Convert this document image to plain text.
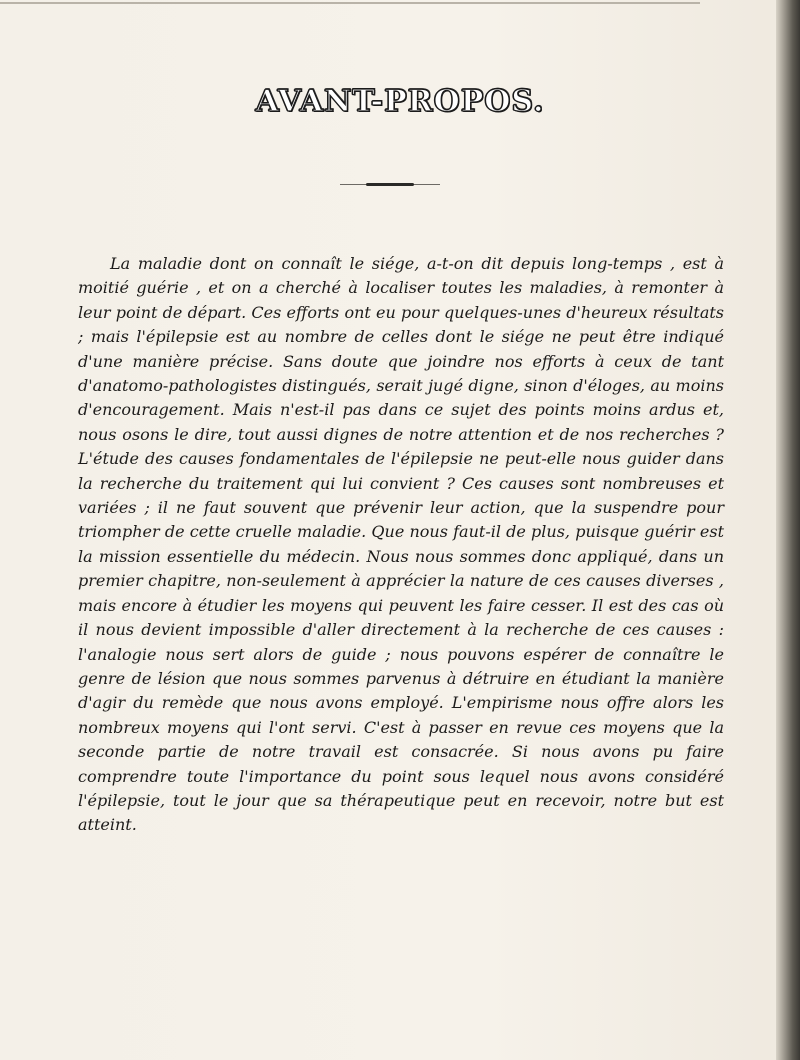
AVANT-PROPOS.

La maladie dont on connaît le siége, a-t-on dit depuis long-temps , est à moitié guérie , et on a cherché à localiser toutes les maladies, à remonter à leur point de départ. Ces efforts ont eu pour quelques-unes d'heureux résultats ; mais l'épilepsie est au nombre de celles dont le siége ne peut être indiqué d'une manière précise. Sans doute que joindre nos efforts à ceux de tant d'anatomo-pathologistes distingués, serait jugé digne, sinon d'éloges, au moins d'encouragement. Mais n'est-il pas dans ce sujet des points moins ardus et, nous osons le dire, tout aussi dignes de notre attention et de nos recherches ? L'étude des causes fondamentales de l'épilepsie ne peut-elle nous guider dans la recherche du traitement qui lui convient ? Ces causes sont nombreuses et variées ; il ne faut souvent que prévenir leur action, que la suspendre pour triompher de cette cruelle maladie. Que nous faut-il de plus, puisque guérir est la mission essentielle du médecin. Nous nous sommes donc appliqué, dans un premier chapitre, non-seulement à apprécier la nature de ces causes diverses , mais encore à étudier les moyens qui peuvent les faire cesser. Il est des cas où il nous devient impossible d'aller directement à la recherche de ces causes : l'analogie nous sert alors de guide ; nous pouvons espérer de connaître le genre de lésion que nous sommes parvenus à détruire en étudiant la manière d'agir du remède que nous avons employé. L'empirisme nous offre alors les nombreux moyens qui l'ont servi. C'est à passer en revue ces moyens que la seconde partie de notre travail est consacrée. Si nous avons pu faire comprendre toute l'importance du point sous lequel nous avons considéré l'épilepsie, tout le jour que sa thérapeutique peut en recevoir, notre but est atteint.
